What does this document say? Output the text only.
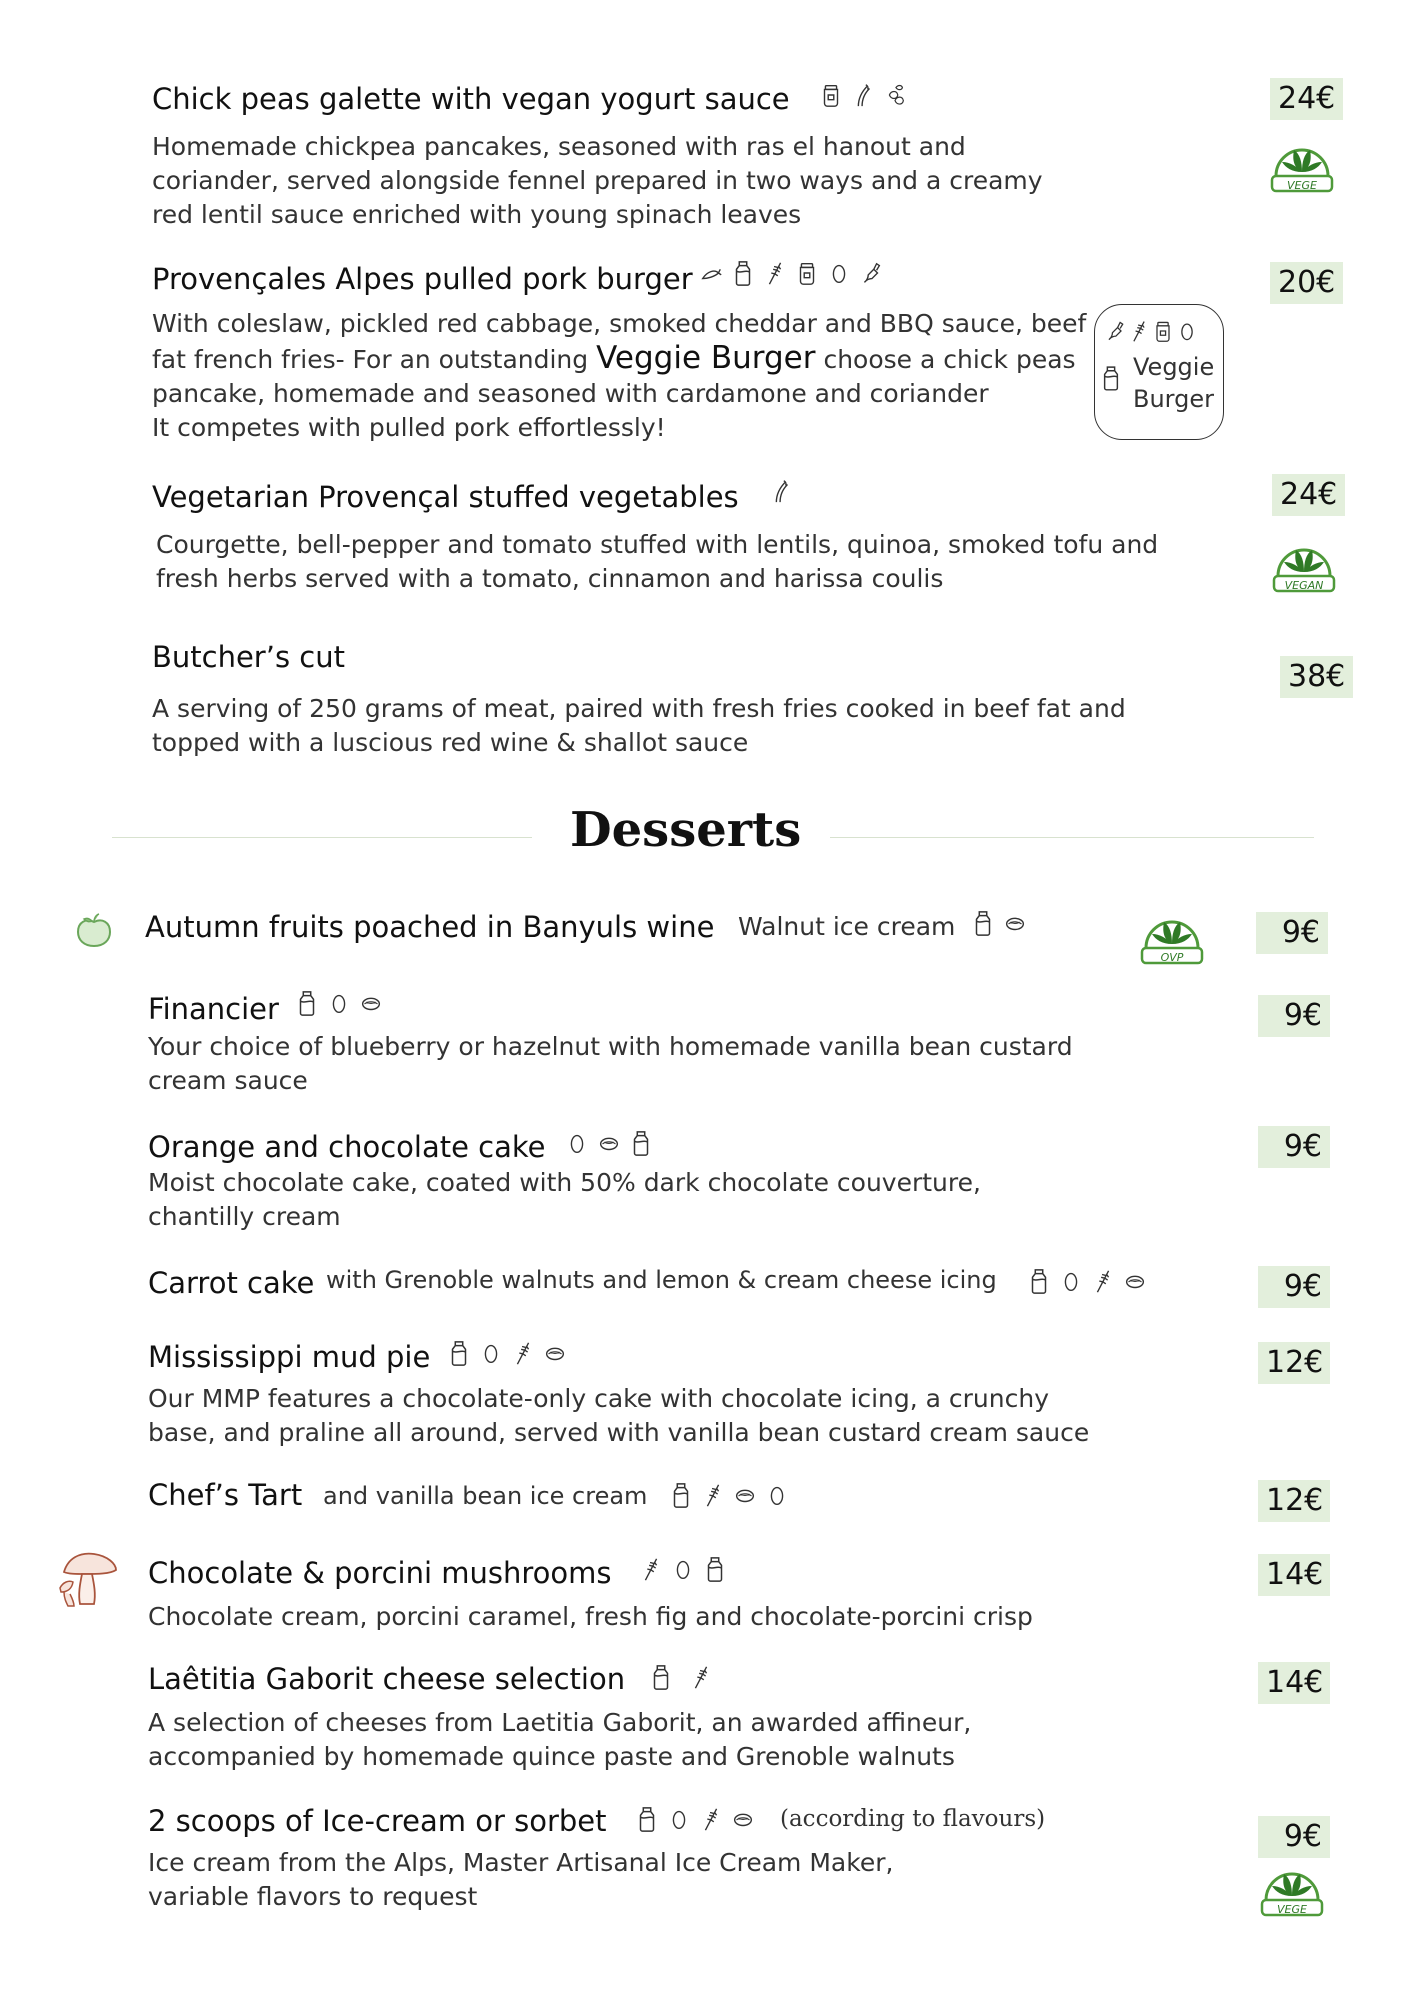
Chick peas galette with vegan yogurt sauce	24€
Homemade chickpea pancakes, seasoned with ras el hanout and
coriander, served alongside fennel prepared in two ways and a creamy
red lentil sauce enriched with young spinach leaves
VEGE
Provençales Alpes pulled pork burger	20€
With coleslaw, pickled red cabbage, smoked cheddar and BBQ sauce, beef
fat french fries- For an outstanding Veggie Burger choose a chick peas
pancake, homemade and seasoned with cardamone and coriander
It competes with pulled pork effortlessly!
Veggie
Burger
Vegetarian Provençal stuffed vegetables	24€
Courgette, bell-pepper and tomato stuffed with lentils, quinoa, smoked tofu and
fresh herbs served with a tomato, cinnamon and harissa coulis	VEGAN
Butcher’s cut
38€
A serving of 250 grams of meat, paired with fresh fries cooked in beef fat and
topped with a luscious red wine & shallot sauce
Desserts
Autumn fruits poached in Banyuls wine Walnut ice cream
OVP
9€
Financier	9€
Your choice of blueberry or hazelnut with homemade vanilla bean custard
cream sauce
Orange and chocolate cake	9€
Moist chocolate cake, coated with 50% dark chocolate couverture,
chantilly cream
Carrot cake with Grenoble walnuts and lemon & cream cheese icing	9€
Mississippi mud pie	12€
Our MMP features a chocolate-only cake with chocolate icing, a crunchy
base, and praline all around, served with vanilla bean custard cream sauce
Chef’s Tart and vanilla bean ice cream	12€
Chocolate & porcini mushrooms	14€
Chocolate cream, porcini caramel, fresh fig and chocolate-porcini crisp
Laêtitia Gaborit cheese selection	14€
A selection of cheeses from Laetitia Gaborit, an awarded affineur,
accompanied by homemade quince paste and Grenoble walnuts
2 scoops of Ice-cream or sorbet	(according to flavours)	9€
Ice cream from the Alps, Master Artisanal Ice Cream Maker,
variable flavors to request	VEGE
